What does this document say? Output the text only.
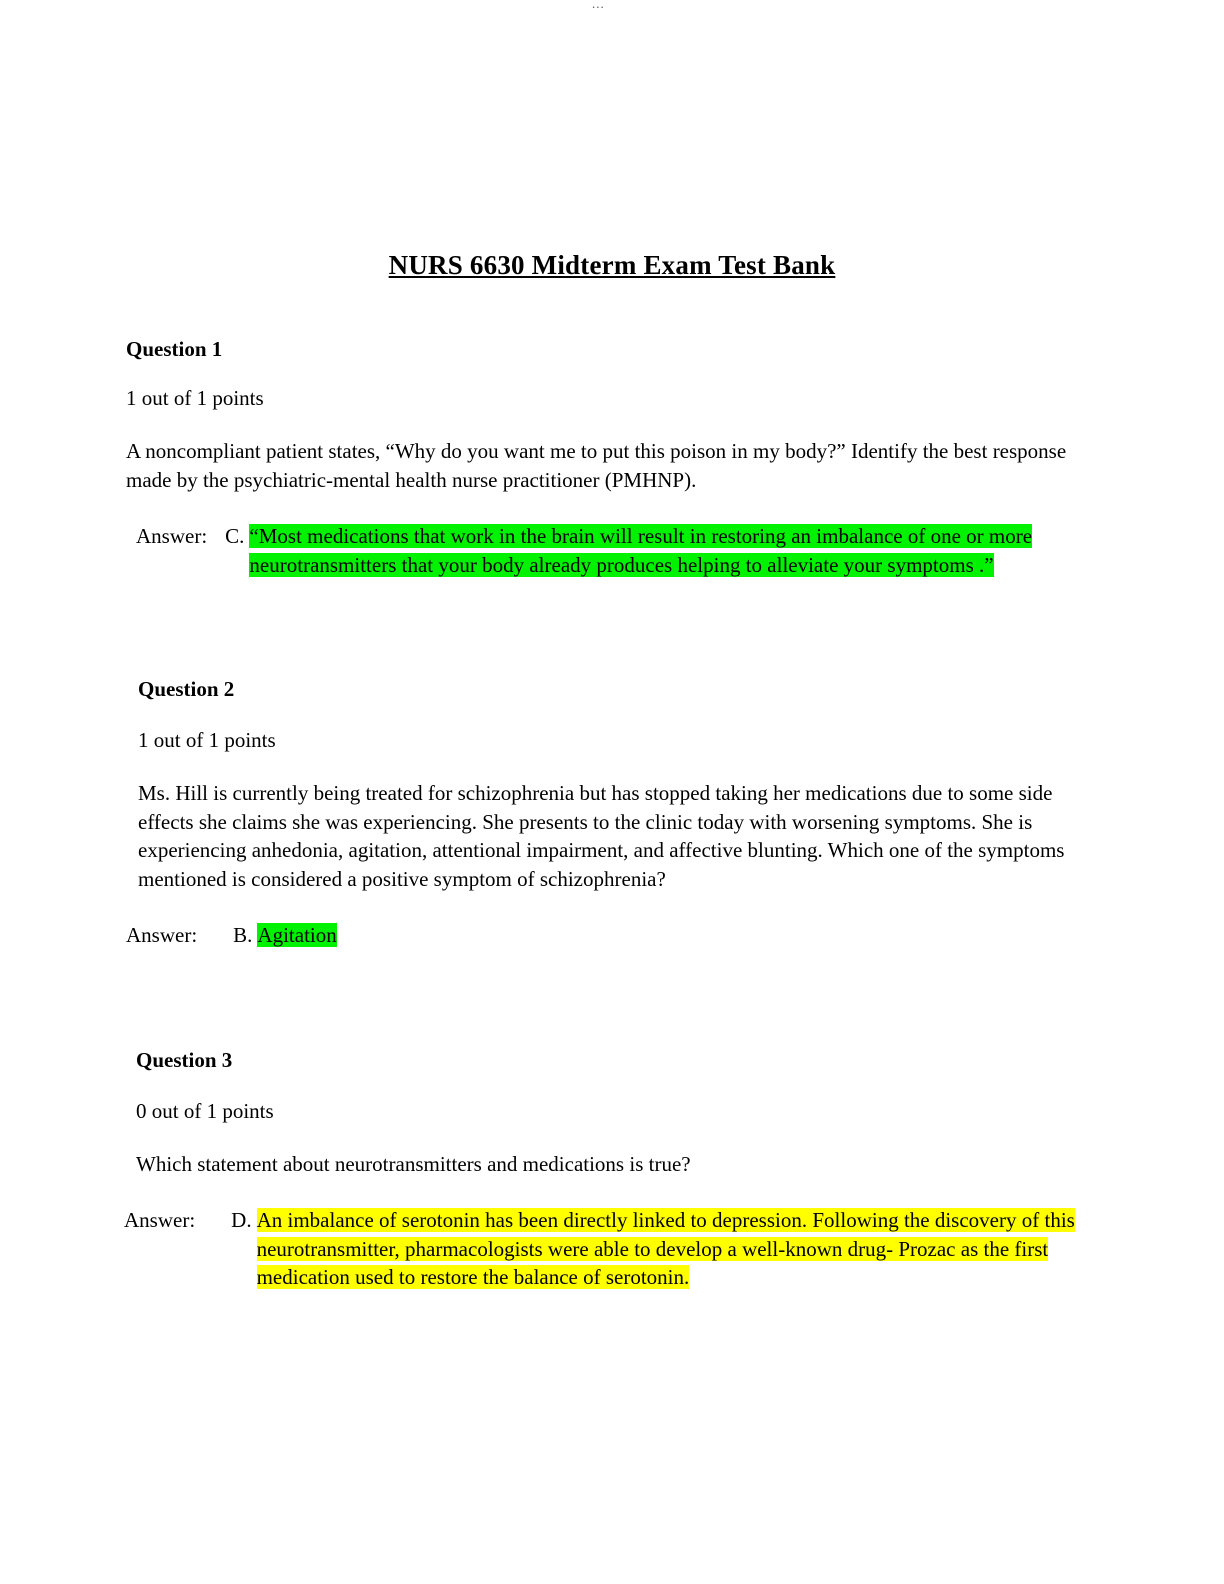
...
NURS 6630 Midterm Exam Test Bank
Question 1
1 out of 1 points
A noncompliant patient states, “Why do you want me to put this poison in my body?” Identify the best response made by the psychiatric-mental health nurse practitioner (PMHNP).
Answer: C. “Most medications that work in the brain will result in restoring an imbalance of one or more neurotransmitters that your body already produces helping to alleviate your symptoms .”
Question 2
1 out of 1 points
Ms. Hill is currently being treated for schizophrenia but has stopped taking her medications due to some side effects she claims she was experiencing. She presents to the clinic today with worsening symptoms. She is experiencing anhedonia, agitation, attentional impairment, and affective blunting. Which one of the symptoms mentioned is considered a positive symptom of schizophrenia?
Answer: B. Agitation
Question 3
0 out of 1 points
Which statement about neurotransmitters and medications is true?
Answer: D. An imbalance of serotonin has been directly linked to depression. Following the discovery of this neurotransmitter, pharmacologists were able to develop a well-known drug- Prozac as the first medication used to restore the balance of serotonin.
